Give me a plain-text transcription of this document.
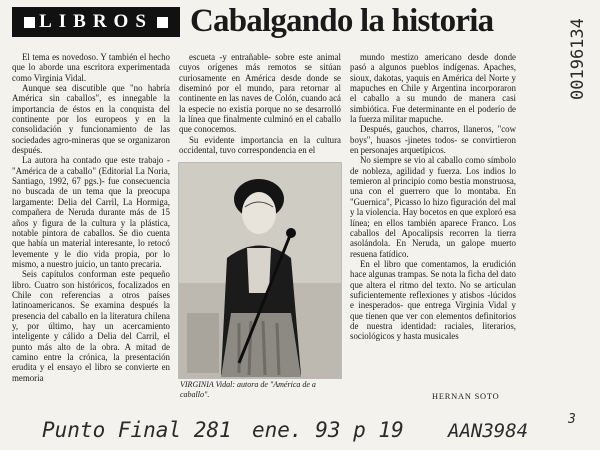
LIBROS Cabalgando la historia

El tema es novedoso. Y también el hecho que lo aborde una escritora experimentada como Virginia Vidal.

Aunque sea discutible que "no habría América sin caballos", es innegable la importancia de éstos en la conquista del continente por los europeos y en la consolidación y funcionamiento de las sociedades agro-mineras que se organizaron después.

La autora ha contado que este trabajo -"América de a caballo" (Editorial La Noria, Santiago, 1992, 67 pgs.)- fue consecuencia no buscada de un tema que la preocupa largamente: Delia del Carril, La Hormiga, compañera de Neruda durante más de 15 años y figura de la cultura y la plástica, notable pintora de caballos. Se dio cuenta que había un material interesante, lo retocó levemente y le dio vida propia, por lo mismo, a nuestro juicio, un tanto precaria.

Seis capítulos conforman este pequeño libro. Cuatro son históricos, focalizados en Chile con referencias a otros países latinoamericanos. Se examina después la presencia del caballo en la literatura chilena y, por último, hay un acercamiento inteligente y cálido a Delia del Carril, el punto más alto de la obra. A mitad de camino entre la crónica, la presentación erudita y el ensayo el libro se convierte en memoria

escueta -y entrañable- sobre este animal cuyos orígenes más remotos se sitúan curiosamente en América desde donde se diseminó por el mundo, para retornar al continente en las naves de Colón, cuando acá la especie no existía porque no se desarrolló la línea que finalmente culminó en el caballo que conocemos.

Su evidente importancia en la cultura occidental, tuvo correspondencia en el

VIRGINIA Vidal: autora de "América de a caballo".

mundo mestizo americano desde donde pasó a algunos pueblos indígenas. Apaches, sioux, dakotas, yaquis en América del Norte y mapuches en Chile y Argentina incorporaron el caballo a su mundo de manera casi simbiótica. Fue determinante en el poderío de la fuerza militar mapuche.

Después, gauchos, charros, llaneros, "cow boys", huasos -jinetes todos- se convirtieron en personajes arquetípicos.

No siempre se vio al caballo como símbolo de nobleza, agilidad y fuerza. Los indios lo temieron al principio como bestia monstruosa, una con el guerrero que lo montaba. En "Guernica", Picasso lo hizo figuración del mal y la violencia. Hay bocetos en que exploró esa línea; en ellos también aparece Franco. Los caballos del Apocalipsis recorren la tierra asolándola. En Neruda, un galope muerto resuena fatídico.

En el libro que comentamos, la erudición hace algunas trampas. Se nota la ficha del dato que altera el ritmo del texto. No se articulan suficientemente reflexiones y atisbos -lúcidos e inesperados- que entrega Virginia Vidal y que tienen que ver con elementos definitorios de nuestra identidad: raciales, literarios, sociológicos y hasta musicales

HERNAN SOTO
00196134
Punto Final 281 ene. 93 p 19 AAN3984
3
